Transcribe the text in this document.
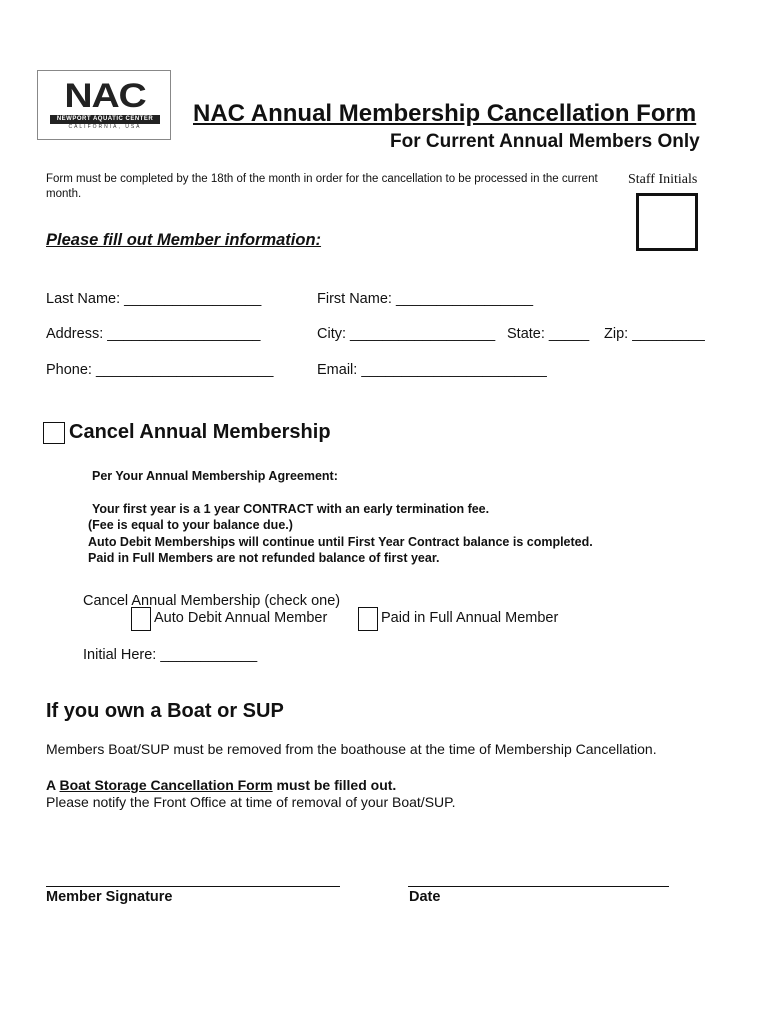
NAC
NEWPORT AQUATIC CENTER
CALIFORNIA, USA	NAC Annual Membership Cancellation Form
For Current Annual Members Only
Form must be completed by the 18th of the month in order for the cancellation to be processed in the current month.
Staff Initials
Please fill out Member information:
Last Name: _________________	First Name: _________________
Address: ___________________	City: __________________ State: _____ Zip: _________
Phone: ______________________	Email: _______________________
Cancel Annual Membership
Per Your Annual Membership Agreement:
Your first year is a 1 year CONTRACT with an early termination fee.
(Fee is equal to your balance due.)
Auto Debit Memberships will continue until First Year Contract balance is completed.
Paid in Full Members are not refunded balance of first year.
Cancel Annual Membership (check one)
Auto Debit Annual Member	Paid in Full Annual Member
Initial Here: ____________
If you own a Boat or SUP
Members Boat/SUP must be removed from the boathouse at the time of Membership Cancellation.
A Boat Storage Cancellation Form must be filled out.
Please notify the Front Office at time of removal of your Boat/SUP.
Member Signature	Date
